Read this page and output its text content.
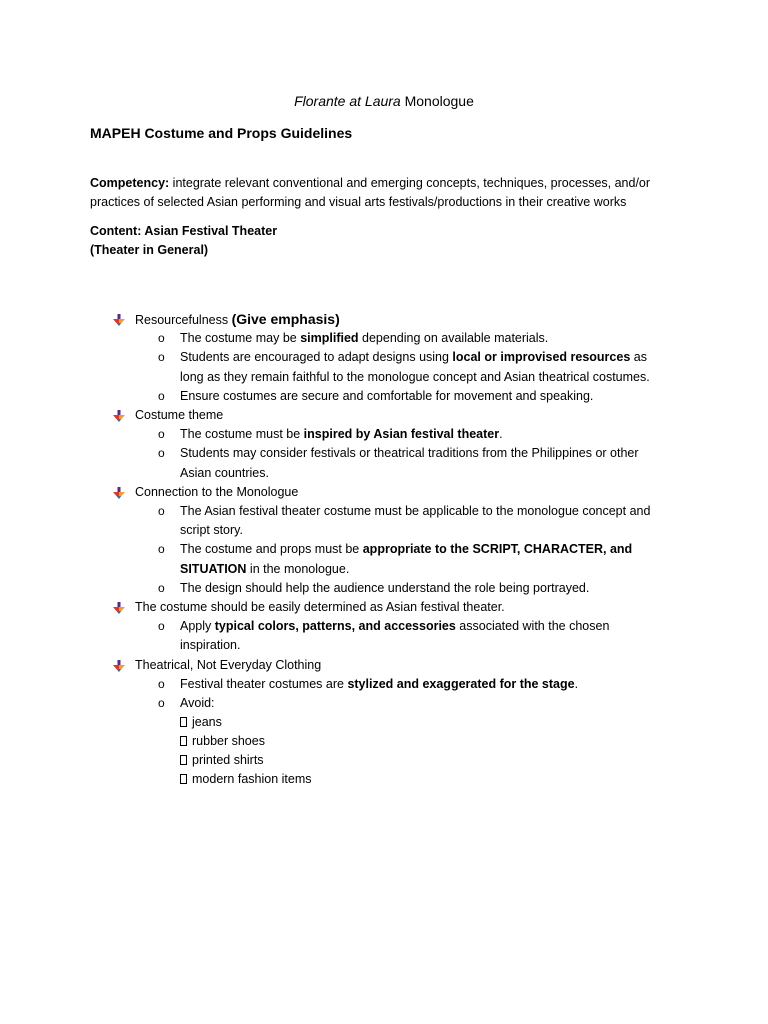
Florante at Laura Monologue
MAPEH Costume and Props Guidelines
Competency: integrate relevant conventional and emerging concepts, techniques, processes, and/or practices of selected Asian performing and visual arts festivals/productions in their creative works
Content: Asian Festival Theater
(Theater in General)
Resourcefulness (Give emphasis)
o The costume may be simplified depending on available materials.
o Students are encouraged to adapt designs using local or improvised resources as long as they remain faithful to the monologue concept and Asian theatrical costumes.
o Ensure costumes are secure and comfortable for movement and speaking.
Costume theme
o The costume must be inspired by Asian festival theater.
o Students may consider festivals or theatrical traditions from the Philippines or other Asian countries.
Connection to the Monologue
o The Asian festival theater costume must be applicable to the monologue concept and script story.
o The costume and props must be appropriate to the SCRIPT, CHARACTER, and SITUATION in the monologue.
o The design should help the audience understand the role being portrayed.
The costume should be easily determined as Asian festival theater.
o Apply typical colors, patterns, and accessories associated with the chosen inspiration.
Theatrical, Not Everyday Clothing
o Festival theater costumes are stylized and exaggerated for the stage.
o Avoid:
jeans
rubber shoes
printed shirts
modern fashion items
